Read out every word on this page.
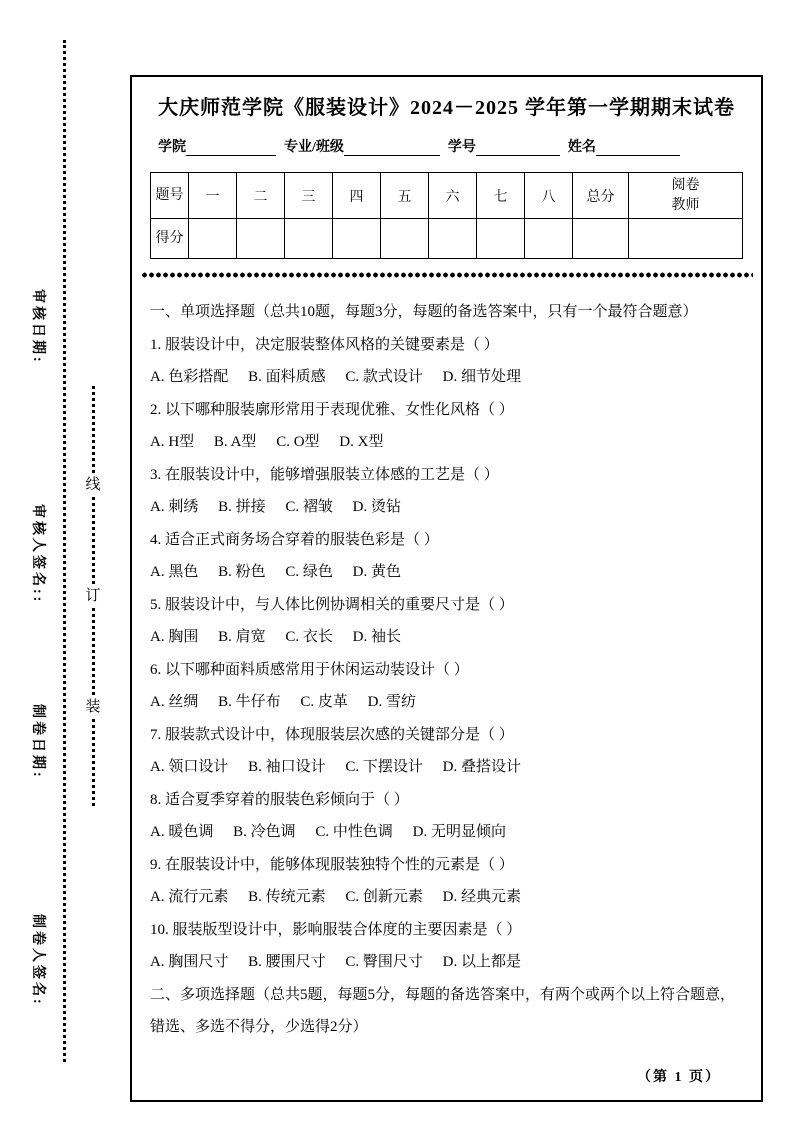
审核日期:
审核人签名::
制卷日期:
制卷人签名:
线
订
装
大庆师范学院《服装设计》2024－2025 学年第一学期期末试卷
学院	专业/班级	学号	姓名
题号	一	二	三	四	五	六	七	八	总分	阅卷教师

得分										

一、单项选择题（总共10题，每题3分，每题的备选答案中，只有一个最符合题意）

1. 服装设计中，决定服装整体风格的关键要素是（ ）

A. 色彩搭配 B. 面料质感 C. 款式设计 D. 细节处理

2. 以下哪种服装廓形常用于表现优雅、女性化风格（ ）

A. H型 B. A型 C. O型 D. X型

3. 在服装设计中，能够增强服装立体感的工艺是（ ）

A. 刺绣 B. 拼接 C. 褶皱 D. 烫钻

4. 适合正式商务场合穿着的服装色彩是（ ）

A. 黑色 B. 粉色 C. 绿色 D. 黄色

5. 服装设计中，与人体比例协调相关的重要尺寸是（ ）

A. 胸围 B. 肩宽 C. 衣长 D. 袖长

6. 以下哪种面料质感常用于休闲运动装设计（ ）

A. 丝绸 B. 牛仔布 C. 皮革 D. 雪纺

7. 服装款式设计中，体现服装层次感的关键部分是（ ）

A. 领口设计 B. 袖口设计 C. 下摆设计 D. 叠搭设计

8. 适合夏季穿着的服装色彩倾向于（ ）

A. 暖色调 B. 冷色调 C. 中性色调 D. 无明显倾向

9. 在服装设计中，能够体现服装独特个性的元素是（ ）

A. 流行元素 B. 传统元素 C. 创新元素 D. 经典元素

10. 服装版型设计中，影响服装合体度的主要因素是（ ）

A. 胸围尺寸 B. 腰围尺寸 C. 臀围尺寸 D. 以上都是

二、多项选择题（总共5题，每题5分，每题的备选答案中，有两个或两个以上符合题意，错选、多选不得分，少选得2分）

（第 1 页）
